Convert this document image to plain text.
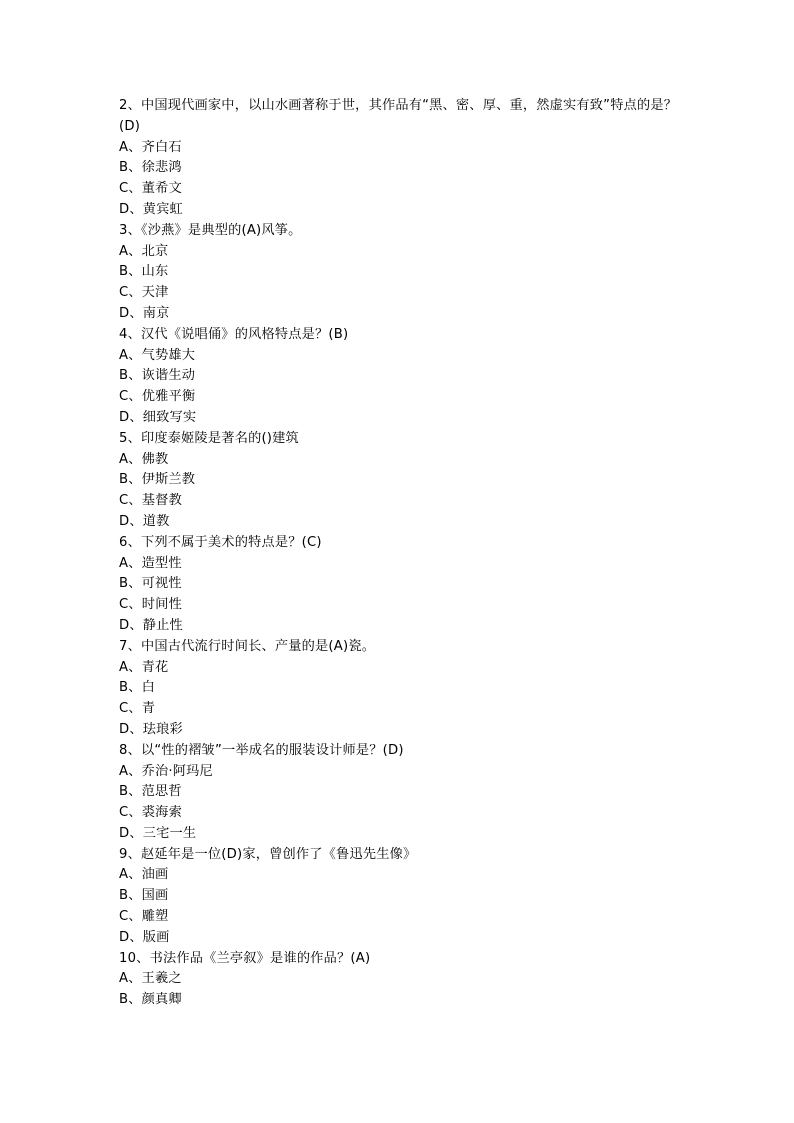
2、中国现代画家中，以山水画著称于世，其作品有“黑、密、厚、重，然虚实有致”特点的是？(D)
A、齐白石
B、徐悲鸿
C、董希文
D、黄宾虹
3、《沙燕》是典型的(A)风筝。
A、北京
B、山东
C、天津
D、南京
4、汉代《说唱俑》的风格特点是？(B)
A、气势雄大
B、诙谐生动
C、优雅平衡
D、细致写实
5、印度泰姬陵是著名的()建筑
A、佛教
B、伊斯兰教
C、基督教
D、道教
6、下列不属于美术的特点是？(C)
A、造型性
B、可视性
C、时间性
D、静止性
7、中国古代流行时间长、产量的是(A)瓷。
A、青花
B、白
C、青
D、珐琅彩
8、以“性的褶皱”一举成名的服装设计师是？(D)
A、乔治·阿玛尼
B、范思哲
C、裘海索
D、三宅一生
9、赵延年是一位(D)家，曾创作了《鲁迅先生像》
A、油画
B、国画
C、雕塑
D、版画
10、书法作品《兰亭叙》是谁的作品？(A)
A、王羲之
B、颜真卿
